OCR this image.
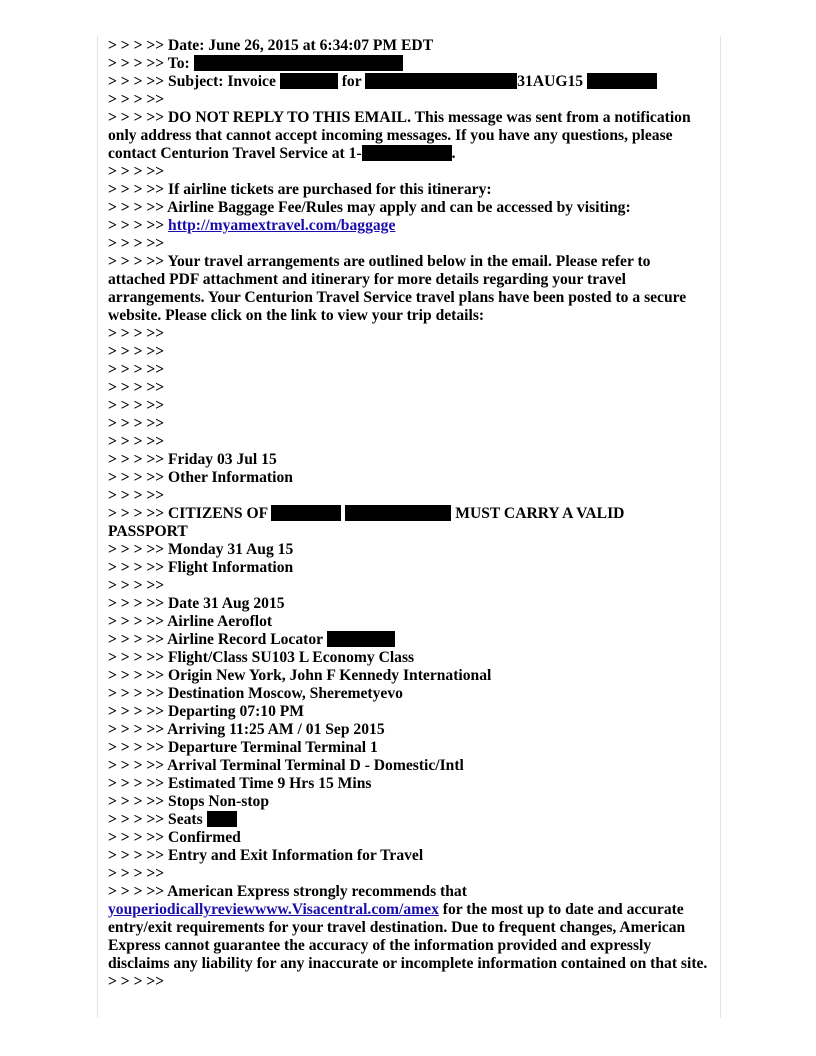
> > > >> Date: June 26, 2015 at 6:34:07 PM EDT
> > > >> To:
> > > >> Subject: Invoice	for	31AUG15
> > > >>
> > > >> DO NOT REPLY TO THIS EMAIL. This message was sent from a notification only address that cannot accept incoming messages. If you have any questions, please contact Centurion Travel Service at 1-	.
> > > >>
> > > >> If airline tickets are purchased for this itinerary:
> > > >> Airline Baggage Fee/Rules may apply and can be accessed by visiting:
> > > >> http://myamextravel.com/baggage
> > > >>
> > > >> Your travel arrangements are outlined below in the email. Please refer to attached PDF attachment and itinerary for more details regarding your travel arrangements. Your Centurion Travel Service travel plans have been posted to a secure website. Please click on the link to view your trip details:
> > > >>
> > > >>
> > > >>
> > > >>
> > > >>
> > > >>
> > > >>
> > > >> Friday 03 Jul 15
> > > >> Other Information
> > > >>
> > > >> CITIZENS OF	MUST CARRY A VALID PASSPORT
> > > >> Monday 31 Aug 15
> > > >> Flight Information
> > > >>
> > > >> Date 31 Aug 2015
> > > >> Airline Aeroflot
> > > >> Airline Record Locator
> > > >> Flight/Class SU103 L Economy Class
> > > >> Origin New York, John F Kennedy International
> > > >> Destination Moscow, Sheremetyevo
> > > >> Departing 07:10 PM
> > > >> Arriving 11:25 AM / 01 Sep 2015
> > > >> Departure Terminal Terminal 1
> > > >> Arrival Terminal Terminal D - Domestic/Intl
> > > >> Estimated Time 9 Hrs 15 Mins
> > > >> Stops Non-stop
> > > >> Seats
> > > >> Confirmed
> > > >> Entry and Exit Information for Travel
> > > >>
> > > >> American Express strongly recommends that
youperiodicallyreviewwww.Visacentral.com/amex for the most up to date and accurate entry/exit requirements for your travel destination. Due to frequent changes, American Express cannot guarantee the accuracy of the information provided and expressly disclaims any liability for any inaccurate or incomplete information contained on that site.
> > > >>
